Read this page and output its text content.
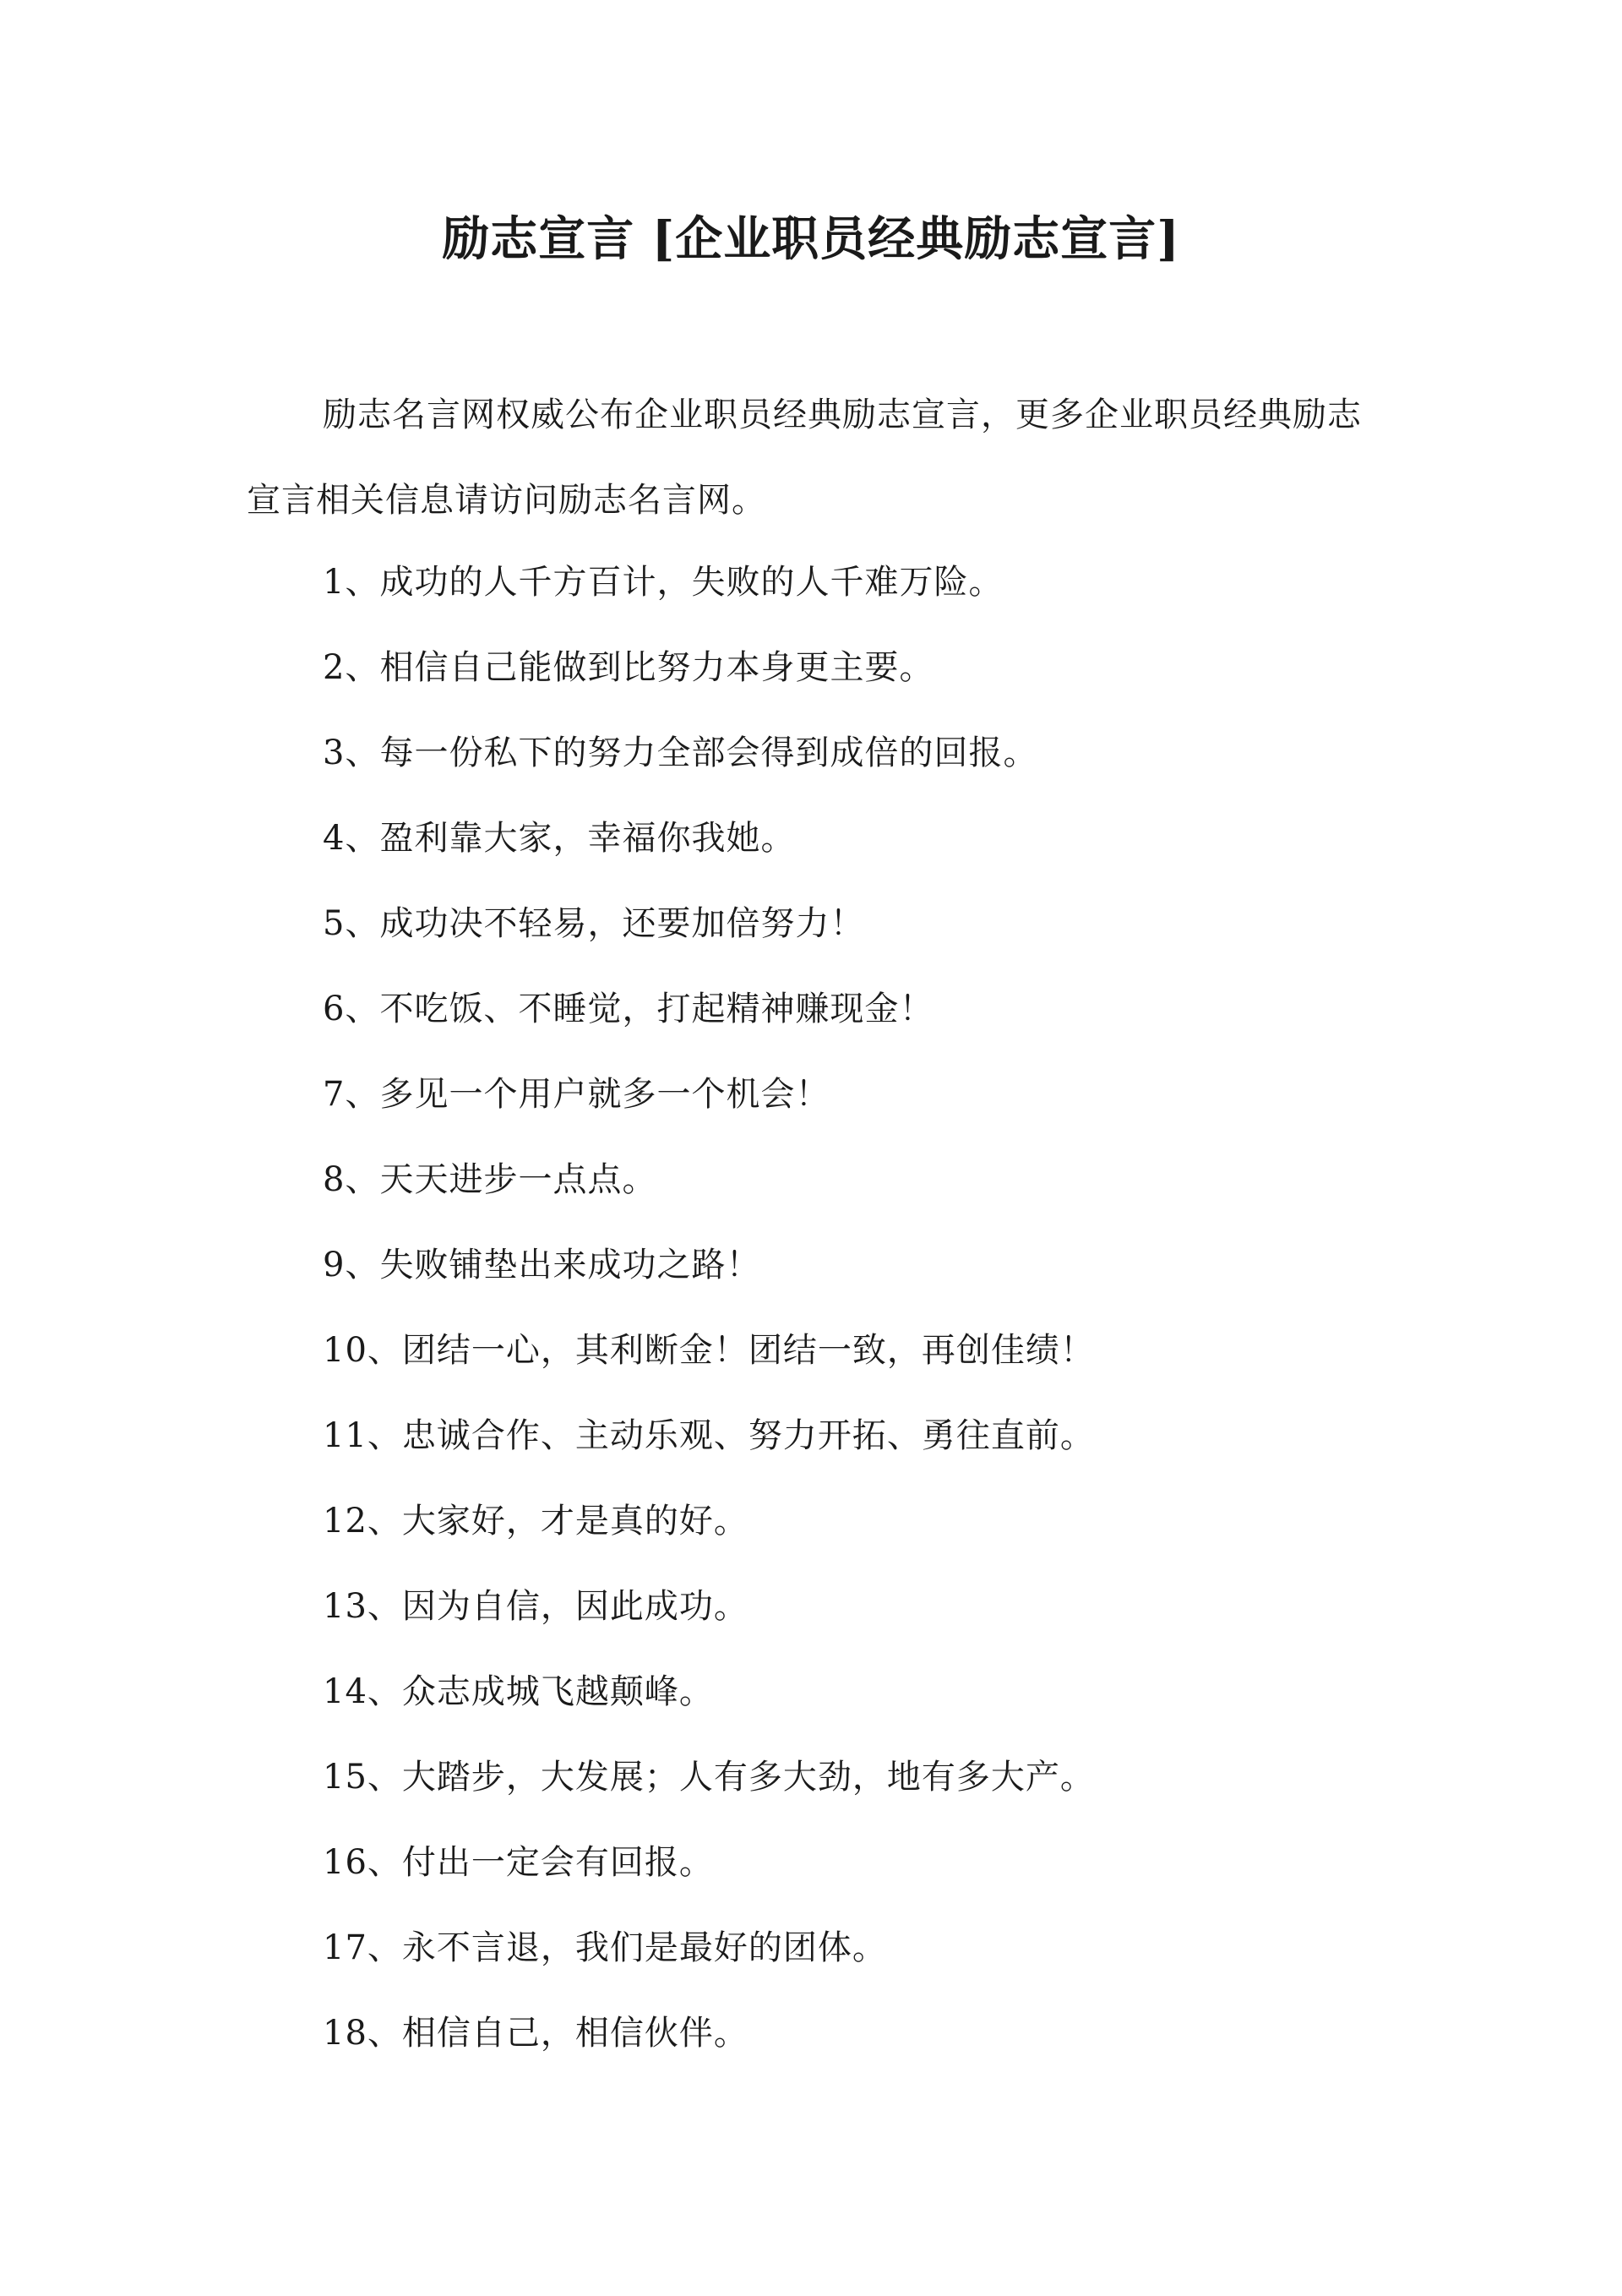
励志宣言 [企业职员经典励志宣言]
励志名言网权威公布企业职员经典励志宣言，更多企业职员经典励志宣言相关信息请访问励志名言网。
1、成功的人千方百计，失败的人千难万险。
2、相信自己能做到比努力本身更主要。
3、每一份私下的努力全部会得到成倍的回报。
4、盈利靠大家，幸福你我她。
5、成功决不轻易，还要加倍努力！
6、不吃饭、不睡觉，打起精神赚现金！
7、多见一个用户就多一个机会！
8、天天进步一点点。
9、失败铺垫出来成功之路！
10、团结一心，其利断金！团结一致，再创佳绩！
11、忠诚合作、主动乐观、努力开拓、勇往直前。
12、大家好，才是真的好。
13、因为自信，因此成功。
14、众志成城飞越颠峰。
15、大踏步，大发展；人有多大劲，地有多大产。
16、付出一定会有回报。
17、永不言退，我们是最好的团体。
18、相信自己，相信伙伴。
